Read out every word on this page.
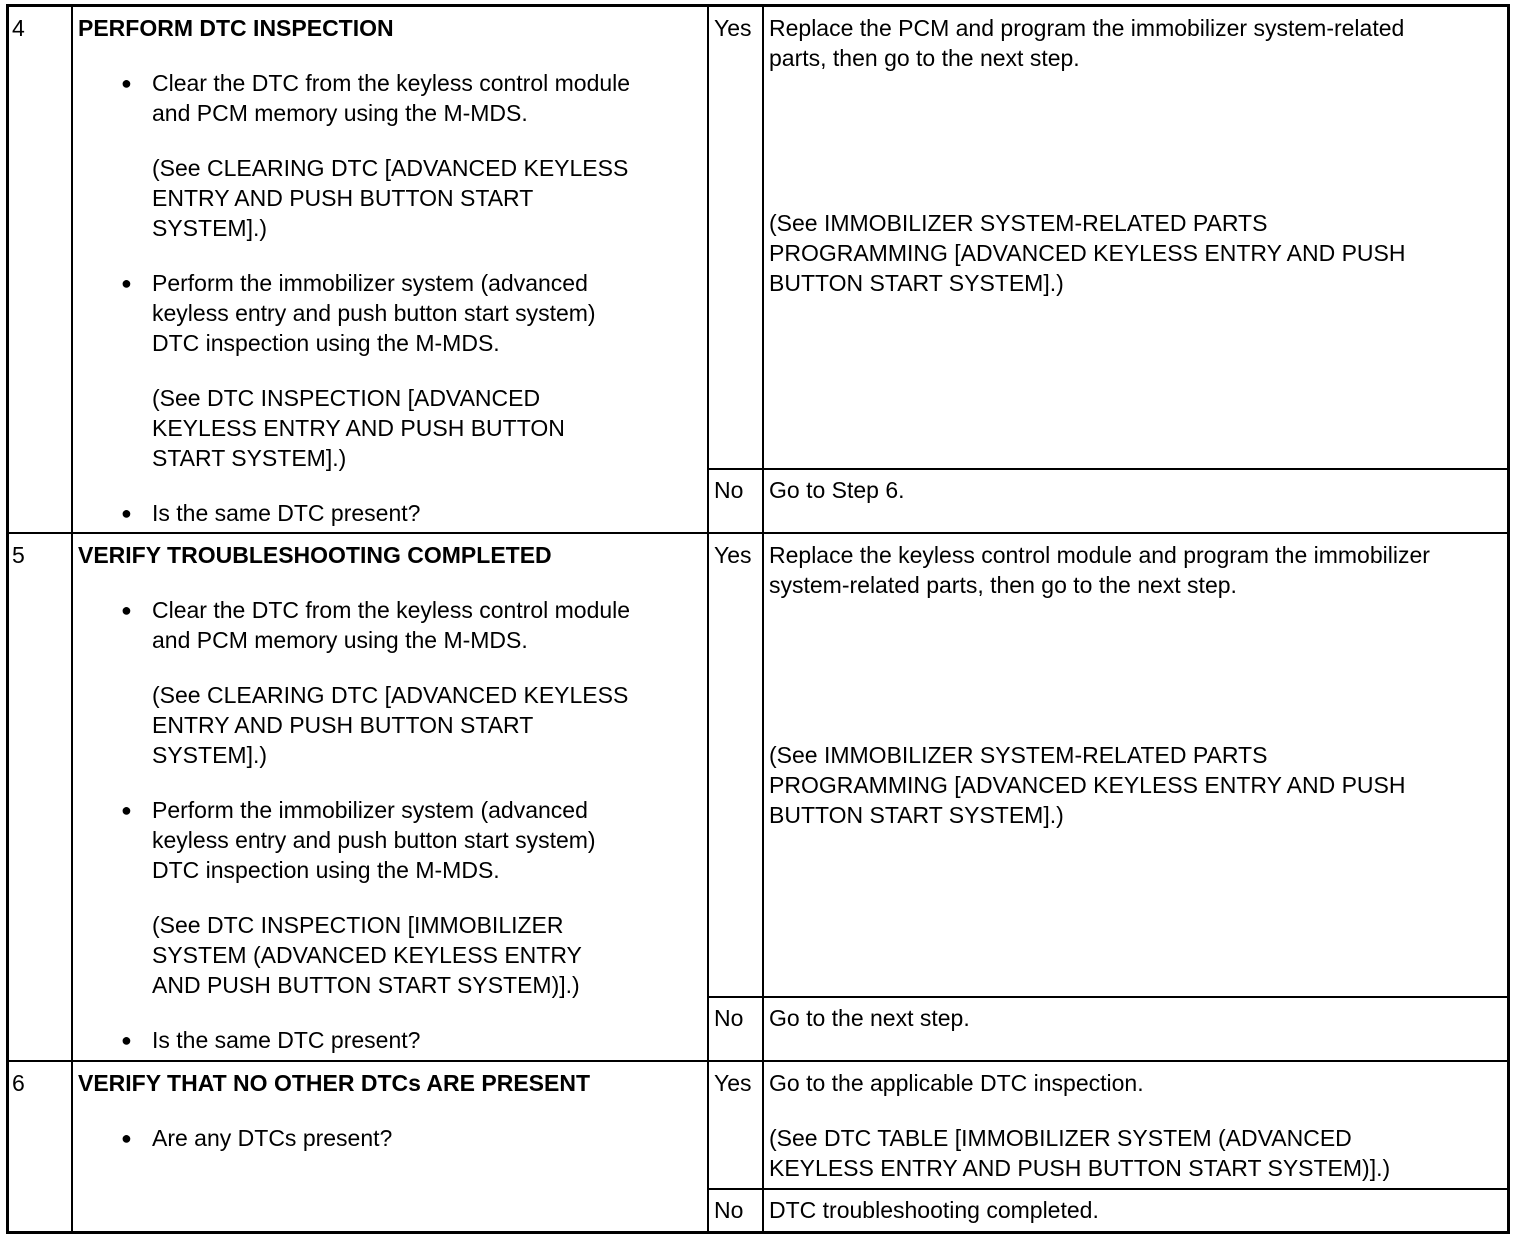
4 PERFORM DTC INSPECTION
● Clear the DTC from the keyless control module
and PCM memory using the M-MDS.
(See CLEARING DTC [ADVANCED KEYLESS
ENTRY AND PUSH BUTTON START
SYSTEM].)
● Perform the immobilizer system (advanced
keyless entry and push button start system)
DTC inspection using the M-MDS.
(See DTC INSPECTION [ADVANCED
KEYLESS ENTRY AND PUSH BUTTON
START SYSTEM].)
● Is the same DTC present?
Yes Replace the PCM and program the immobilizer system-related
parts, then go to the next step.
(See IMMOBILIZER SYSTEM-RELATED PARTS
PROGRAMMING [ADVANCED KEYLESS ENTRY AND PUSH
BUTTON START SYSTEM].)
No Go to Step 6.
5 VERIFY TROUBLESHOOTING COMPLETED
● Clear the DTC from the keyless control module
and PCM memory using the M-MDS.
(See CLEARING DTC [ADVANCED KEYLESS
ENTRY AND PUSH BUTTON START
SYSTEM].)
● Perform the immobilizer system (advanced
keyless entry and push button start system)
DTC inspection using the M-MDS.
(See DTC INSPECTION [IMMOBILIZER
SYSTEM (ADVANCED KEYLESS ENTRY
AND PUSH BUTTON START SYSTEM)].)
● Is the same DTC present?
Yes Replace the keyless control module and program the immobilizer
system-related parts, then go to the next step.
(See IMMOBILIZER SYSTEM-RELATED PARTS
PROGRAMMING [ADVANCED KEYLESS ENTRY AND PUSH
BUTTON START SYSTEM].)
No Go to the next step.
6 VERIFY THAT NO OTHER DTCs ARE PRESENT
● Are any DTCs present?
Yes Go to the applicable DTC inspection.
(See DTC TABLE [IMMOBILIZER SYSTEM (ADVANCED
KEYLESS ENTRY AND PUSH BUTTON START SYSTEM)].)
No DTC troubleshooting completed.
